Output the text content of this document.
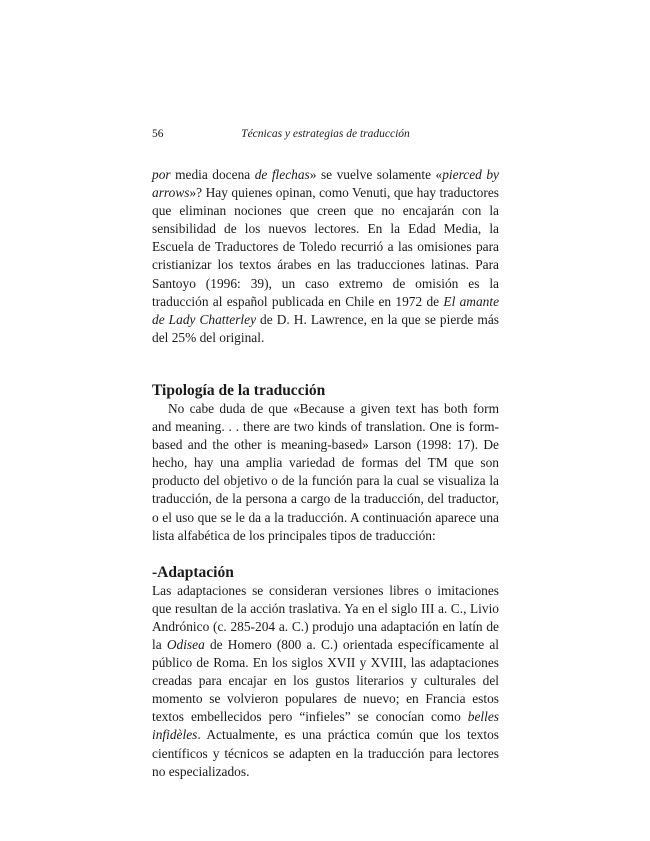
56	Técnicas y estrategias de traducción

por media docena de flechas» se vuelve solamente «pierced by arrows»? Hay quienes opinan, como Venuti, que hay traductores que eliminan nociones que creen que no encajarán con la sensibilidad de los nuevos lectores. En la Edad Media, la Escuela de Traductores de Toledo recurrió a las omisiones para cristianizar los textos árabes en las traducciones latinas. Para Santoyo (1996: 39), un caso extremo de omisión es la traducción al español publicada en Chile en 1972 de El amante de Lady Chatterley de D. H. Lawrence, en la que se pierde más del 25% del original.

Tipología de la traducción

No cabe duda de que «Because a given text has both form and meaning. . . there are two kinds of translation. One is form-based and the other is meaning-based» Larson (1998: 17). De hecho, hay una amplia variedad de formas del TM que son producto del objetivo o de la función para la cual se visualiza la traducción, de la persona a cargo de la traducción, del traductor, o el uso que se le da a la traducción. A continuación aparece una lista alfabética de los principales tipos de traducción:

-Adaptación

Las adaptaciones se consideran versiones libres o imitaciones que resultan de la acción traslativa. Ya en el siglo III a. C., Livio Andrónico (c. 285-204 a. C.) produjo una adaptación en latín de la Odisea de Homero (800 a. C.) orientada específicamente al público de Roma. En los siglos XVII y XVIII, las adaptaciones creadas para encajar en los gustos literarios y culturales del momento se volvieron populares de nuevo; en Francia estos textos embellecidos pero “infieles” se conocían como belles infidèles. Actualmente, es una práctica común que los textos científicos y técnicos se adapten en la traducción para lectores no especializados.
